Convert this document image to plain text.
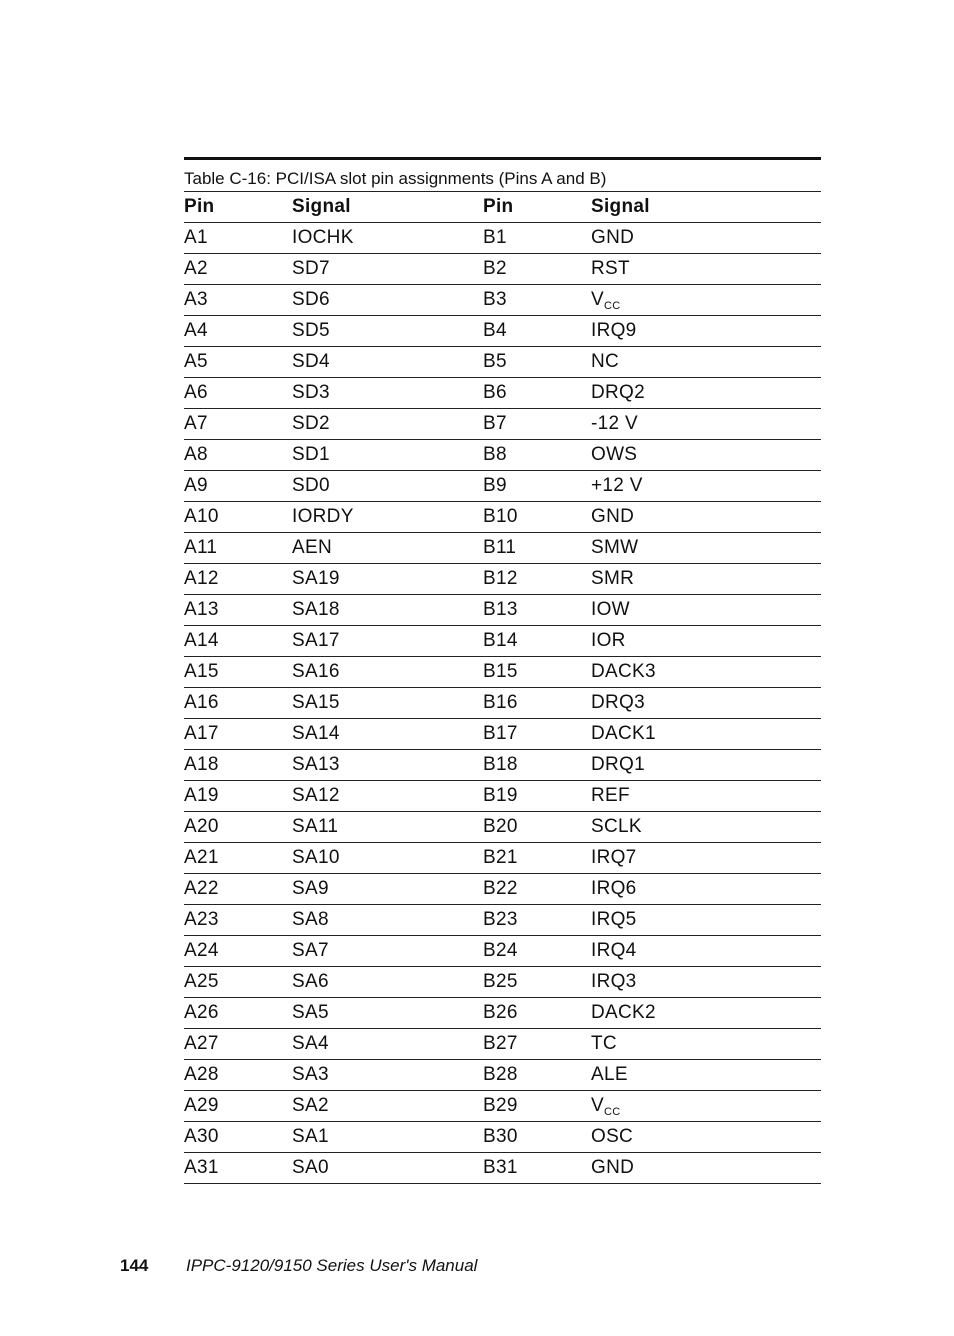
Table C-16: PCI/ISA slot pin assignments (Pins A and B)
Pin	Signal	Pin	Signal
A1	IOCHK	B1	GND
A2	SD7	B2	RST
A3	SD6	B3	$V_{CC}$
A4	SD5	B4	IRQ9
A5	SD4	B5	NC
A6	SD3	B6	DRQ2
A7	SD2	B7	-12 V
A8	SD1	B8	OWS
A9	SD0	B9	+12 V
A10	IORDY	B10	GND
A11	AEN	B11	SMW
A12	SA19	B12	SMR
A13	SA18	B13	IOW
A14	SA17	B14	IOR
A15	SA16	B15	DACK3
A16	SA15	B16	DRQ3
A17	SA14	B17	DACK1
A18	SA13	B18	DRQ1
A19	SA12	B19	REF
A20	SA11	B20	SCLK
A21	SA10	B21	IRQ7
A22	SA9	B22	IRQ6
A23	SA8	B23	IRQ5
A24	SA7	B24	IRQ4
A25	SA6	B25	IRQ3
A26	SA5	B26	DACK2
A27	SA4	B27	TC
A28	SA3	B28	ALE
A29	SA2	B29	$V_{CC}$
A30	SA1	B30	OSC
A31	SA0	B31	GND
144 IPPC-9120/9150 Series User's Manual
